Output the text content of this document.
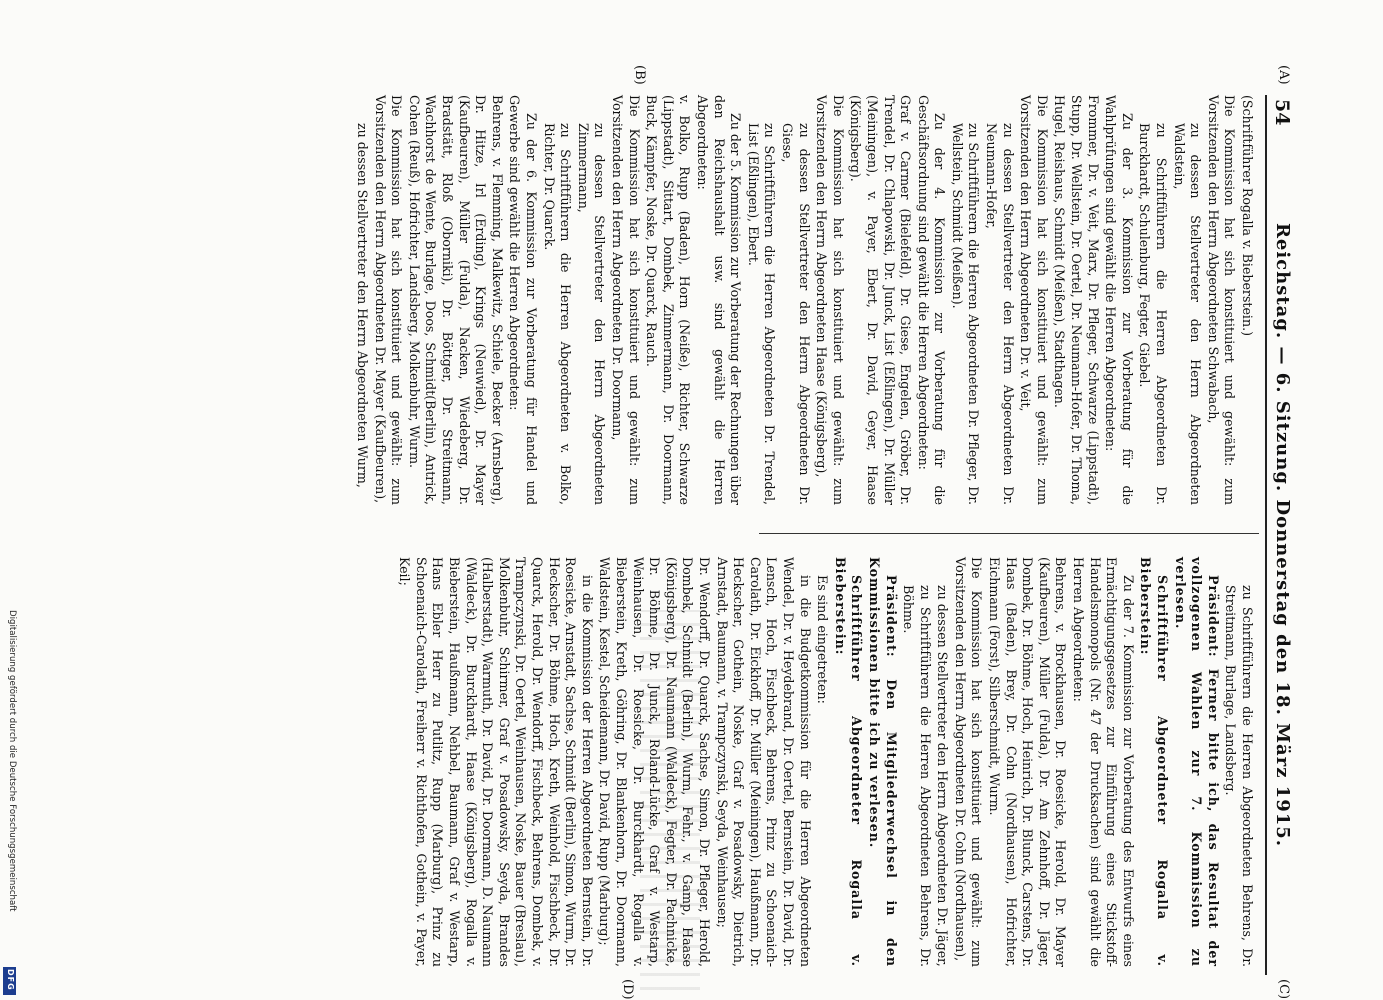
Digitalisierung gefördert durch die Deutsche Forschungsgemeinschaft
DFG
54
Reichstag. — 6. Sitzung. Donnerstag den 18. März 1915.
(A)
(B)
(C)
(D)

(Schriftführer Rogalla v. Bieberstein.)

Die Kommission hat sich konstituiert und gewählt: zum Vorsitzenden den Herrn Abgeordneten Schwabach,

zu dessen Stellvertreter den Herrn Abgeordneten Waldstein,

zu Schriftführern die Herren Abgeordneten Dr. Burckhardt, Schulenburg, Fegter, Giebel.

Zu der 3. Kommission zur Vorberatung für die Wahlprüfungen sind gewählt die Herren Abgeordneten:

Frommer, Dr. v. Veit, Marx, Dr. Pfleger, Schwarze (Lippstadt), Stupp, Dr. Wellstein, Dr. Oertel, Dr. Neumann-Hofer, Dr. Thoma, Hugel, Reishaus, Schmidt (Meißen), Stadthagen.

Die Kommission hat sich konstituiert und gewählt: zum Vorsitzenden den Herrn Abgeordneten Dr. v. Veit,

zu dessen Stellvertreter den Herrn Abgeordneten Dr. Neumann-Hofer,

zu Schriftführern die Herren Abgeordneten Dr. Pfleger, Dr. Wellstein, Schmidt (Meißen).

Zu der 4. Kommission zur Vorberatung für die Geschäftsordnung sind gewählt die Herren Abgeordneten:

Graf v. Carmer (Bielefeld), Dr. Giese, Engelen, Gröber, Dr. Trendel, Dr. Chlapowski, Dr. Junck, List (Eßlingen), Dr. Müller (Meiningen), v. Payer, Ebert, Dr. David, Geyer, Haase (Königsberg).

Die Kommission hat sich konstituiert und gewählt: zum Vorsitzenden den Herrn Abgeordneten Haase (Königsberg),

zu dessen Stellvertreter den Herrn Abgeordneten Dr. Giese,

zu Schriftführern die Herren Abgeordneten Dr. Trendel, List (Eßlingen), Ebert.

Zu der 5. Kommission zur Vorberatung der Rechnungen über den Reichshaushalt usw. sind gewählt die Herren Abgeordneten:

v. Bolko, Rupp (Baden), Horn (Neiße), Richter, Schwarze (Lippstadt), Sittart, Dombek, Zimmermann, Dr. Doormann, Buck, Kämpfer, Noske, Dr. Quarck, Rauch.

Die Kommission hat sich konstituiert und gewählt: zum Vorsitzenden den Herrn Abgeordneten Dr. Doormann,

zu dessen Stellvertreter den Herrn Abgeordneten Zimmermann,

zu Schriftführern die Herren Abgeordneten v. Bolko, Richter, Dr. Quarck.

Zu der 6. Kommission zur Vorberatung für Handel und Gewerbe sind gewählt die Herren Abgeordneten:

Behrens, v. Flemming, Malkewitz, Schiele, Becker (Arnsberg), Dr. Hitze, Irl (Erding), Krings (Neuwied), Dr. Mayer (Kaufbeuren), Müller (Fulda), Nacken, Wiedeberg, Dr. Bradstätt, Rloß (Oborniki), Dr. Böttger, Dr. Streitmann, Wachhorst de Wente, Burlage, Doos, Schmidt(Berlin), Antrick, Cohen (Reuß), Hofrichter, Landsberg, Molkenbuhr, Wurm.

Die Kommission hat sich konstituiert und gewählt: zum Vorsitzenden den Herrn Abgeordneten Dr. Mayer (Kaufbeuren),

zu dessen Stellvertreter den Herrn Abgeordneten Wurm,

zu Schriftführern die Herren Abgeordneten Behrens, Dr. Streitmann, Burlage, Landsberg.

Präsident: Ferner bitte ich, das Resultat der vollzogenen Wahlen zur 7. Kommission zu verlesen.

Schriftführer Abgeordneter Rogalla v. Bieberstein:

Zu der 7. Kommission zur Vorberatung des Entwurfs eines Ermächtigungsgesetzes zur Einführung eines Stickstoff-Handelsmonopols (Nr. 47 der Drucksachen) sind gewählt die Herren Abgeordneten:

Behrens, v. Brockhausen, Dr. Roesicke, Herold, Dr. Mayer (Kaufbeuren), Müller (Fulda), Dr. Am Zehnhoff, Dr. Jäger, Dombek, Dr. Böhme, Hoch, Heinrich, Dr. Blunck, Carstens, Dr. Haas (Baden), Brey, Dr. Cohn (Nordhausen), Hofrichter, Eichmann (Forst), Silberschmidt, Wurm.

Die Kommission hat sich konstituiert und gewählt: zum Vorsitzenden den Herrn Abgeordneten Dr. Cohn (Nordhausen),

zu dessen Stellvertreter den Herrn Abgeordneten Dr. Jäger,

zu Schriftführern die Herren Abgeordneten Behrens, Dr. Böhme.

Präsident: Den Mitgliederwechsel in den Kommissionen bitte ich zu verlesen.

Schriftführer Abgeordneter Rogalla v. Bieberstein:

Es sind eingetreten:

in die Budgetkommission für die Herren Abgeordneten Wendel, Dr. v. Heydebrand, Dr. Oertel, Bernstein, Dr. David, Dr. Lensch, Hoch, Fischbeck, Behrens, Prinz zu Schoenaich-Carolath, Dr. Eickhoff, Dr. Müller (Meiningen), Haußmann, Dr. Heckscher, Gothein, Noske, Graf v. Posadowsky, Dietrich, Arnstadt, Baumann, v. Trampczynski, Seyda, Weinhausen;

Dr. Wendorff, Dr. Quarck, Sachse, Simon, Dr. Pfleger, Herold, Dombek, Schmidt (Berlin), Wurm, Fehr., v. Gamp, Haase (Königsberg), Dr. Naumann (Waldeck), Fegter, Dr. Pachnicke, Dr. Böhme, Dr. Junck, Roland-Lücke, Graf v. Westarp, Weinhausen, Dr. Roesicke, Dr. Burckhardt, Rogalla v. Bieberstein, Kreth, Göhring, Dr. Blankenhorn, Dr. Doormann, Waldstein, Kestel, Scheidemann, Dr. David, Rupp (Marburg);

in die Kommission der Herren Abgeordneten Bernstein, Dr. Roesicke, Arnstadt, Sachse, Schmidt (Berlin), Simon, Wurm, Dr. Heckscher, Dr. Böhme, Hoch, Kreth, Weinhold, Fischbeck, Dr. Quarck, Herold, Dr. Wendorff, Fischbeck, Behrens, Dombek, v. Trampczynski, Dr. Oertel, Weinhausen, Noske, Bauer (Breslau), Molkenbuhr, Schirmer, Graf v. Posadowsky, Seyda, Brandes (Halberstadt), Warmuth, Dr. David, Dr. Doormann, D. Naumann (Waldeck), Dr. Burckhardt, Haase (Königsberg), Rogalla v. Bieberstein, Haußmann, Nehbel, Baumann, Graf v. Westarp, Hans Ebler Herr zu Putlitz, Rupp (Marburg), Prinz zu Schoenaich-Carolath, Freiherr v. Richthofen, Gothein, v. Payer, Keil;
